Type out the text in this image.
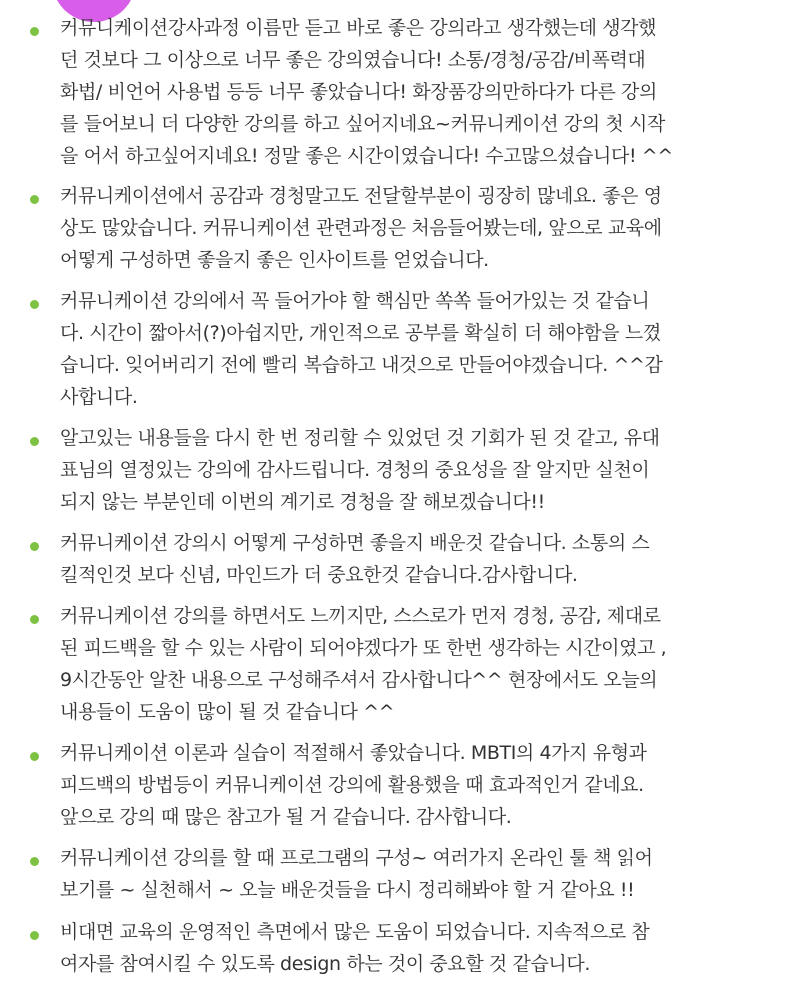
커뮤니케이션강사과정 이름만 듣고 바로 좋은 강의라고 생각했는데 생각했
던 것보다 그 이상으로 너무 좋은 강의였습니다! 소통/경청/공감/비폭력대
화법/ 비언어 사용법 등등 너무 좋았습니다! 화장품강의만하다가 다른 강의
를 들어보니 더 다양한 강의를 하고 싶어지네요~커뮤니케이션 강의 첫 시작
을 어서 하고싶어지네요! 정말 좋은 시간이였습니다! 수고많으셨습니다! ^^

커뮤니케이션에서 공감과 경청말고도 전달할부분이 굉장히 많네요. 좋은 영
상도 많았습니다. 커뮤니케이션 관련과정은 처음들어봤는데, 앞으로 교육에
어떻게 구성하면 좋을지 좋은 인사이트를 얻었습니다.

커뮤니케이션 강의에서 꼭 들어가야 할 핵심만 쏙쏙 들어가있는 것 같습니
다. 시간이 짧아서(?)아쉽지만, 개인적으로 공부를 확실히 더 해야함을 느꼈
습니다. 잊어버리기 전에 빨리 복습하고 내것으로 만들어야겠습니다. ^^감
사합니다.

알고있는 내용들을 다시 한 번 정리할 수 있었던 것 기회가 된 것 같고, 유대
표님의 열정있는 강의에 감사드립니다. 경청의 중요성을 잘 알지만 실천이
되지 않는 부분인데 이번의 계기로 경청을 잘 해보겠습니다!!

커뮤니케이션 강의시 어떻게 구성하면 좋을지 배운것 같습니다. 소통의 스
킬적인것 보다 신념, 마인드가 더 중요한것 같습니다.감사합니다.

커뮤니케이션 강의를 하면서도 느끼지만, 스스로가 먼저 경청, 공감, 제대로
된 피드백을 할 수 있는 사람이 되어야겠다가 또 한번 생각하는 시간이였고 ,
9시간동안 알찬 내용으로 구성해주셔서 감사합니다^^ 현장에서도 오늘의
내용들이 도움이 많이 될 것 같습니다 ^^

커뮤니케이션 이론과 실습이 적절해서 좋았습니다. MBTI의 4가지 유형과
피드백의 방법등이 커뮤니케이션 강의에 활용했을 때 효과적인거 같네요.
앞으로 강의 때 많은 참고가 될 거 같습니다. 감사합니다.

커뮤니케이션 강의를 할 때 프로그램의 구성~ 여러가지 온라인 툴 책 읽어
보기를 ~ 실천해서 ~ 오늘 배운것들을 다시 정리해봐야 할 거 같아요 !!

비대면 교육의 운영적인 측면에서 많은 도움이 되었습니다. 지속적으로 참
여자를 참여시킬 수 있도록 design 하는 것이 중요할 것 같습니다.
